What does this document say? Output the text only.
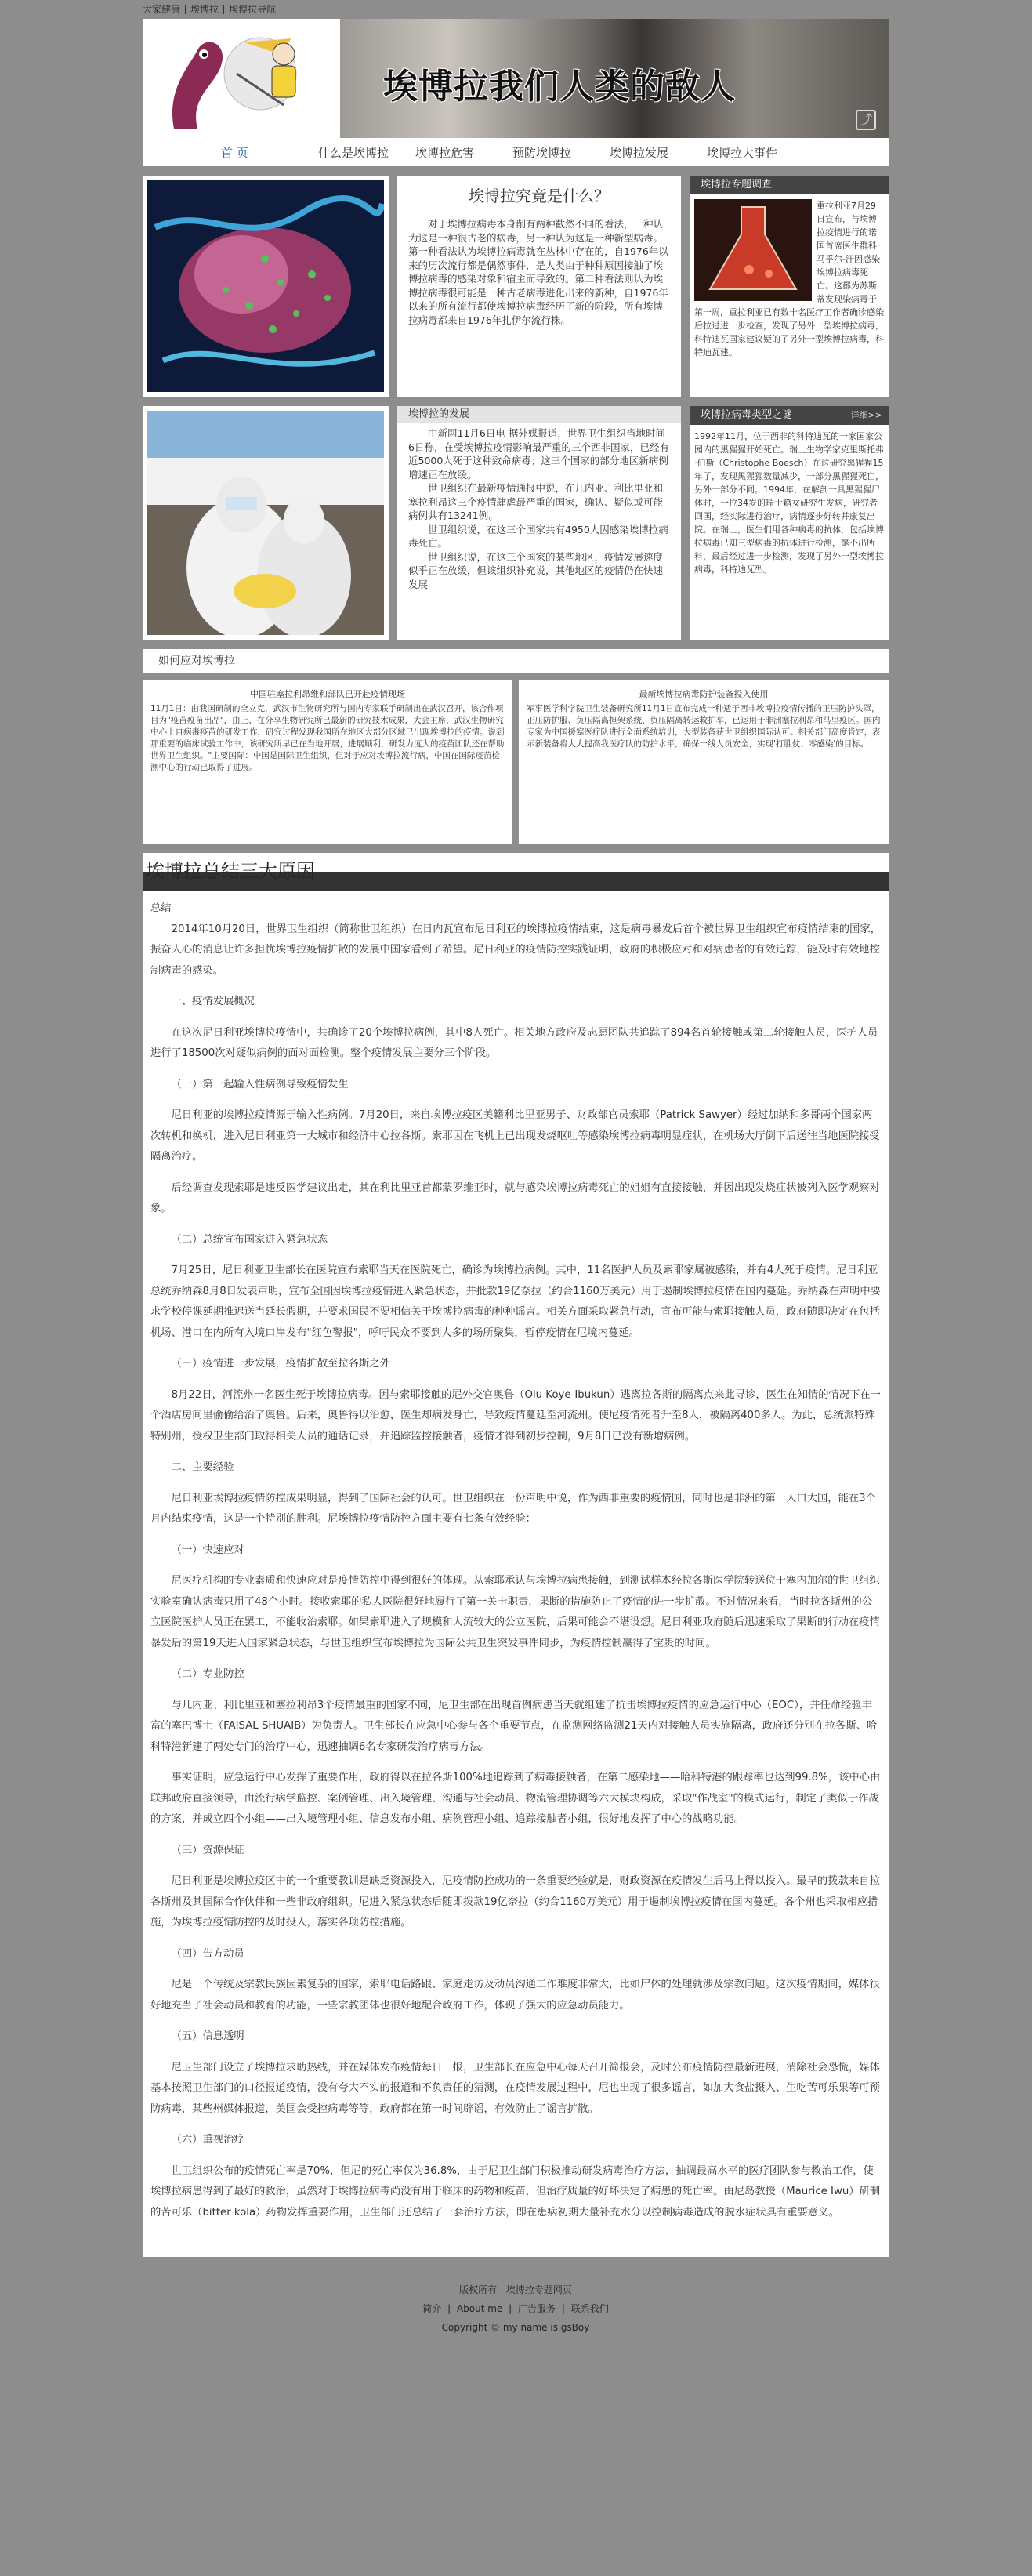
大家健康	埃博拉	埃博拉导航
埃博拉我们人类的敌人
⤴
首 页	什么是埃博拉	埃博拉危害	预防埃博拉	埃博拉发展	埃博拉大事件
埃博拉究竟是什么？

对于埃博拉病毒本身削有两种截然不同的看法，一种认为这是一种很古老的病毒，另一种认为这是一种新型病毒。第一种看法认为埃博拉病毒就在丛林中存在的，自1976年以来的历次流行都是偶然事件，是人类由于种种原因接触了埃博拉病毒的感染对象和宿主而导致的。第二种看法则认为埃博拉病毒很可能是一种古老病毒进化出来的新种，自1976年以来的所有流行都使埃博拉病毒经历了新的阶段，所有埃博拉病毒都来自1976年扎伊尔流行株。

埃博拉专题调查
重拉利亚7月29日宣布，与埃博拉疫情进行的诺国首席医生群科·马孚尔-汗因感染埃博拉病毒死亡。这都为苏斯蒂发现染病毒于第一周，重拉利亚已有数十名医疗工作者确诊感染后拉过进一步检查，发现了另外一型埃博拉病毒，科特迪瓦国家建议疑的了另外一型埃博拉病毒，科特迪瓦建。
埃博拉的发展

中新网11月6日电 据外媒报道，世界卫生组织当地时间6日称，在受埃博拉疫情影响最严重的三个西非国家，已经有近5000人死于这种致命病毒；这三个国家的部分地区新病例增速正在放缓。

世卫组织在最新疫情通报中说，在几内亚、利比里亚和塞拉利昂这三个疫情肆虐最严重的国家，确认、疑似或可能病例共有13241例。

世卫组织说，在这三个国家共有4950人因感染埃博拉病毒死亡。

世卫组织说，在这三个国家的某些地区，疫情发展速度似乎正在放缓，但该组织补充说，其他地区的疫情仍在快速发展

埃博拉病毒类型之谜	详细>>
1992年11月，位于西非的科特迪瓦的一家国家公园内的黑猩猩开始死亡。瑞士生物学家克里斯托弗·伯斯（Christophe Boesch）在这研究黑猩猩15年了，发现黑猩猩数量减少，一部分黑猩猩死亡，另外一部分不同。1994年，在解剖一具黑猩猩尸体时，一位34岁的瑞士籍女研究生发病，研究者回国，经实际进行治疗，病情逐步好转并康复出院。在瑞士，医生们用各种病毒的抗体，包括埃博拉病毒已知三型病毒的抗体进行检测，毫不出所料，最后经过进一步检测，发现了另外一型埃博拉病毒，科特迪瓦型。
如何应对埃博拉
中国驻塞拉利昂维和部队已开赴疫情现场
11月1日：由我国研制的全立克，武汉市生物研究所与国内专家联手研制出在武汉召开，该合作项目为"疫苗疫苗出品"，由上、在分享生物研究所已最新的研究技术成果，大会主席，武汉生物研究中心上自病毒疫苗的研发工作，研究过程发现我国所在地区大部分区域已出现埃博拉的疫情。说到那重要的临床试验工作中，该研究所早已在当地开展，进展顺利，研发力度大的疫苗团队还在帮助世界卫生组织。"主要国际：中国是国际卫生组织，但对于应对埃博拉流行病，中国在国际疫苗检测中心的行动已取得了进展。
最新埃博拉病毒防护装备投入使用
军事医学科学院卫生装备研究所11月1日宣布完成一种适于西非埃博拉疫情传播的正压防护头罩，正压防护服、负压隔离担架系统、负压隔离转运救护车，已运用于非洲塞拉利昂和马里疫区。国内专家为中国援塞医疗队进行全面系统培训，大型装备获世卫组织国际认可。相关部门高度肯定，表示新装备将大大提高我医疗队的防护水平，确保一线人员安全，实现'打胜仗、零感染'的目标。
埃博拉总结三大原因

总结

2014年10月20日，世界卫生组织（简称世卫组织）在日内瓦宣布尼日利亚的埃博拉疫情结束，这是病毒暴发后首个被世界卫生组织宣布疫情结束的国家，振奋人心的消息让许多担忧埃博拉疫情扩散的发展中国家看到了希望。尼日利亚的疫情防控实践证明，政府的积极应对和对病患者的有效追踪，能及时有效地控制病毒的感染。

一、疫情发展概况

在这次尼日利亚埃博拉疫情中，共确诊了20个埃博拉病例，其中8人死亡。相关地方政府及志愿团队共追踪了894名首轮接触或第二轮接触人员，医护人员进行了18500次对疑似病例的面对面检测。整个疫情发展主要分三个阶段。

（一）第一起输入性病例导致疫情发生

尼日利亚的埃博拉疫情源于输入性病例。7月20日，来自埃博拉疫区美籍利比里亚男子、财政部官员索耶（Patrick Sawyer）经过加纳和多哥两个国家两次转机和换机，进入尼日利亚第一大城市和经济中心拉各斯。索耶因在飞机上已出现发烧呕吐等感染埃博拉病毒明显症状，在机场大厅倒下后送往当地医院接受隔离治疗。

后经调查发现索耶是违反医学建议出走，其在利比里亚首都蒙罗维亚时，就与感染埃博拉病毒死亡的姐姐有直接接触，并因出现发烧症状被列入医学观察对象。

（二）总统宣布国家进入紧急状态

7月25日，尼日利亚卫生部长在医院宣布索耶当天在医院死亡，确诊为埃博拉病例。其中，11名医护人员及索耶家属被感染，并有4人死于疫情。尼日利亚总统乔纳森8月8日发表声明，宣布全国因埃博拉疫情进入紧急状态，并批款19亿奈拉（约合1160万美元）用于遏制埃博拉疫情在国内蔓延。乔纳森在声明中要求学校停课延期推迟送当延长假期，并要求国民不要相信关于埃博拉病毒的种种谣言。相关方面采取紧急行动，宣布可能与索耶接触人员，政府随即决定在包括机场、港口在内所有入境口岸发布"红色警报"，呼吁民众不要到人多的场所聚集，暂停疫情在尼境内蔓延。

（三）疫情进一步发展，疫情扩散至拉各斯之外

8月22日，河流州一名医生死于埃博拉病毒。因与索耶接触的尼外交官奥鲁（Olu Koye-Ibukun）逃离拉各斯的隔离点来此寻诊，医生在知情的情况下在一个酒店房间里偷偷给治了奥鲁。后来，奥鲁得以治愈，医生却病发身亡，导致疫情蔓延至河流州。使尼疫情死者升至8人，被隔离400多人。为此，总统派特殊特别州，授权卫生部门取得相关人员的通话记录，并追踪监控接触者，疫情才得到初步控制，9月8日已没有新增病例。

二、主要经验

尼日利亚埃博拉疫情防控成果明显，得到了国际社会的认可。世卫组织在一份声明中说，作为西非重要的疫情国，同时也是非洲的第一人口大国，能在3个月内结束疫情，这是一个特别的胜利。尼埃博拉疫情防控方面主要有七条有效经验：

（一）快速应对

尼医疗机构的专业素质和快速应对是疫情防控中得到很好的体现。从索耶承认与埃博拉病患接触，到测试样本经拉各斯医学院转送位于塞内加尔的世卫组织实验室确认病毒只用了48个小时。接收索耶的私人医院很好地履行了第一关卡职责，果断的措施防止了疫情的进一步扩散。不过情况来看，当时拉各斯州的公立医院医护人员正在罢工，不能收治索耶。如果索耶进入了规模和人流较大的公立医院，后果可能会不堪设想。尼日利亚政府随后迅速采取了果断的行动在疫情暴发后的第19天进入国家紧急状态，与世卫组织宣布埃博拉为国际公共卫生突发事件同步，为疫情控制赢得了宝贵的时间。

（二）专业防控

与几内亚、利比里亚和塞拉利昂3个疫情最重的国家不同，尼卫生部在出现首例病患当天就组建了抗击埃博拉疫情的应急运行中心（EOC），并任命经验丰富的塞巴博士（FAISAL SHUAIB）为负责人。卫生部长在应急中心参与各个重要节点，在监测网络监测21天内对接触人员实施隔离，政府还分别在拉各斯、哈科特港新建了两处专门的治疗中心，迅速抽调6名专家研发治疗病毒方法。

事实证明，应急运行中心发挥了重要作用，政府得以在拉各斯100%地追踪到了病毒接触者，在第二感染地——哈科特港的跟踪率也达到99.8%，该中心由联邦政府直接领导，由流行病学监控、案例管理、出入境管理、沟通与社会动员、物流管理协调等六大模块构成，采取"作战室"的模式运行，制定了类似于作战的方案，并成立四个小组——出入境管理小组、信息发布小组、病例管理小组、追踪接触者小组，很好地发挥了中心的战略功能。

（三）资源保证

尼日利亚是埃博拉疫区中的一个重要教训是缺乏资源投入，尼疫情防控成功的一条重要经验就是，财政资源在疫情发生后马上得以投入。最早的拨款来自拉各斯州及其国际合作伙伴和一些非政府组织。尼进入紧急状态后随即拨款19亿奈拉（约合1160万美元）用于遏制埃博拉疫情在国内蔓延。各个州也采取相应措施，为埃博拉疫情防控的及时投入，落实各项防控措施。

（四）告方动员

尼是一个传统及宗教民族因素复杂的国家，索耶电话路跟、家庭走访及动员沟通工作难度非常大，比如尸体的处理就涉及宗教问题。这次疫情期间，媒体很好地充当了社会动员和教育的功能，一些宗教团体也很好地配合政府工作，体现了强大的应急动员能力。

（五）信息透明

尼卫生部门设立了埃博拉求助热线，并在媒体发布疫情每日一报，卫生部长在应急中心每天召开简报会，及时公布疫情防控最新进展，消除社会恐慌，媒体基本按照卫生部门的口径报道疫情，没有夸大不实的报道和不负责任的猜测，在疫情发展过程中，尼也出现了很多谣言，如加大食盐摄入、生吃苦可乐果等可预防病毒，某些州媒体报道，美国会受控病毒等等，政府都在第一时间辟谣，有效防止了谣言扩散。

（六）重视治疗

世卫组织公布的疫情死亡率是70%，但尼的死亡率仅为36.8%，由于尼卫生部门积极推动研发病毒治疗方法，抽调最高水平的医疗团队参与救治工作，使埃博拉病患得到了最好的救治，虽然对于埃博拉病毒尚没有用于临床的药物和疫苗，但治疗质量的好坏决定了病患的死亡率。由尼岛教授（Maurice Iwu）研制的苦可乐（bitter kola）药物发挥重要作用，卫生部门还总结了一套治疗方法，即在患病初期大量补充水分以控制病毒造成的脱水症状具有重要意义。

版权所有 埃博拉专题网页
简介 | About me | 广告服务 | 联系我们
Copyright © my name is gsBoy
